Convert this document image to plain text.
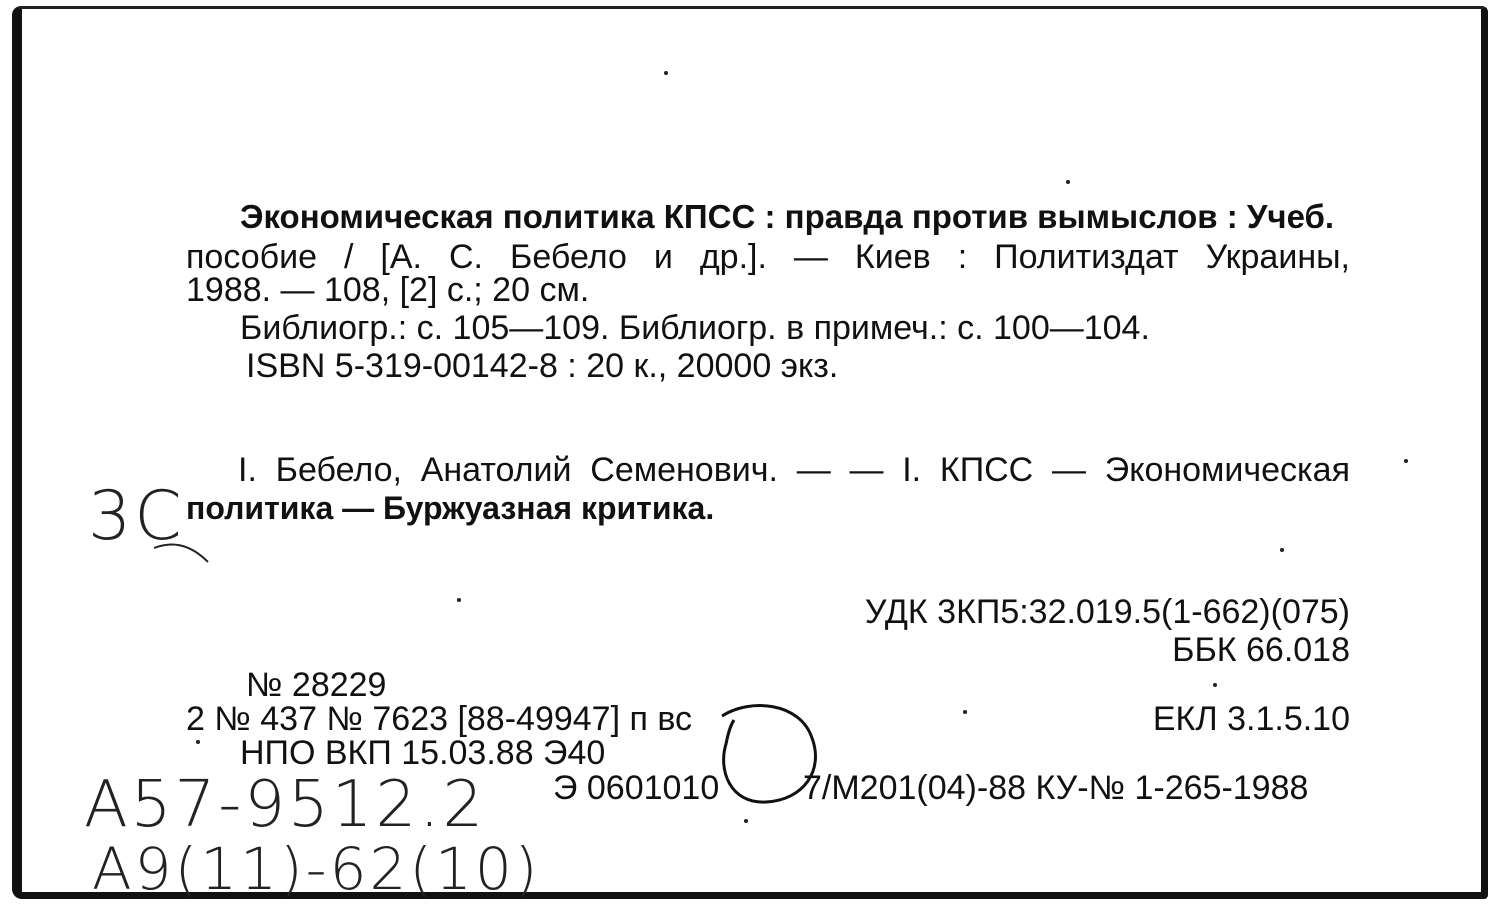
Экономическая политика КПСС : правда против вымыслов : Учеб.
пособие / [А. С. Бебело и др.]. — Киев : Политиздат Украины,
1988. — 108, [2] с.; 20 см.
Библиогр.: с. 105—109. Библиогр. в примеч.: с. 100—104.
ISBN 5-319-00142-8 : 20 к., 20000 экз.
I. Бебело, Анатолий Семенович. — — I. КПСС — Экономическая
политика — Буржуазная критика.
УДК 3КП5:32.019.5(1-662)(075)
ББК 66.018
ЕКЛ 3.1.5.10
№ 28229
2 № 437 № 7623 [88-49947] п вс
НПО ВКП 15.03.88 Э40
Э 0601010 7/М201(04)-88 КУ-№ 1-265-1988
3С
А57-9512.2
А9(11)-62(10)
